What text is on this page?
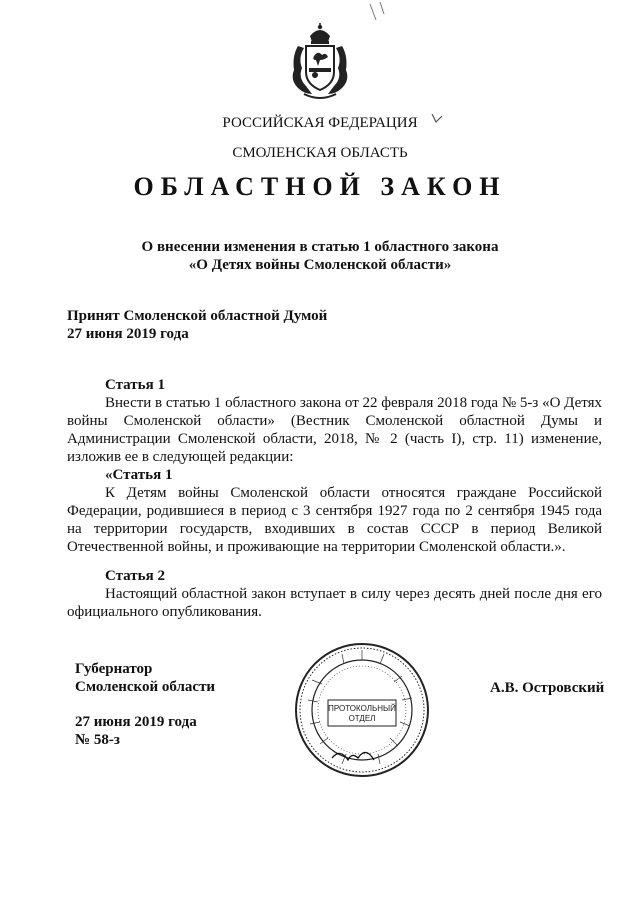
РОССИЙСКАЯ ФЕДЕРАЦИЯ
СМОЛЕНСКАЯ ОБЛАСТЬ
ОБЛАСТНОЙ ЗАКОН
О внесении изменения в статью 1 областного закона
«О Детях войны Смоленской области»
Принят Смоленской областной Думой
27 июня 2019 года
Статья 1
Внести в статью 1 областного закона от 22 февраля 2018 года № 5-з «О Детях войны Смоленской области» (Вестник Смоленской областной Думы и Администрации Смоленской области, 2018, № 2 (часть I), стр. 11) изменение, изложив ее в следующей редакции:
«Статья 1
К Детям войны Смоленской области относятся граждане Российской Федерации, родившиеся в период с 3 сентября 1927 года по 2 сентября 1945 года на территории государств, входивших в состав СССР в период Великой Отечественной войны, и проживающие на территории Смоленской области.».
Статья 2
Настоящий областной закон вступает в силу через десять дней после дня его официального опубликования.
Губернатор
Смоленской области
27 июня 2019 года
№ 58-з
А.В. Островский
ПРОТОКОЛЬНЫЙ
ОТДЕЛ
